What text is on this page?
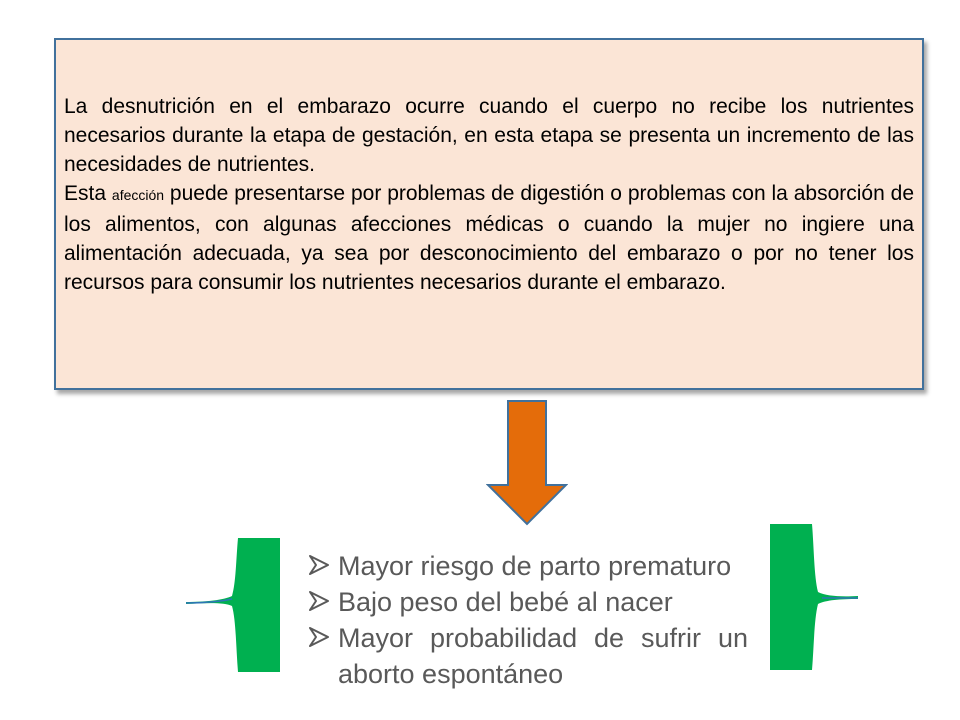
La desnutrición en el embarazo ocurre cuando el cuerpo no recibe los nutrientes necesarios durante la etapa de gestación, en esta etapa se presenta un incremento de las necesidades de nutrientes.

Esta afección puede presentarse por problemas de digestión o problemas con la absorción de los alimentos, con algunas afecciones médicas o cuando la mujer no ingiere una alimentación adecuada, ya sea por desconocimiento del embarazo o por no tener los recursos para consumir los nutrientes necesarios durante el embarazo.

Mayor riesgo de parto prematuro
Bajo peso del bebé al nacer
Mayor probabilidad de sufrir un aborto espontáneo
